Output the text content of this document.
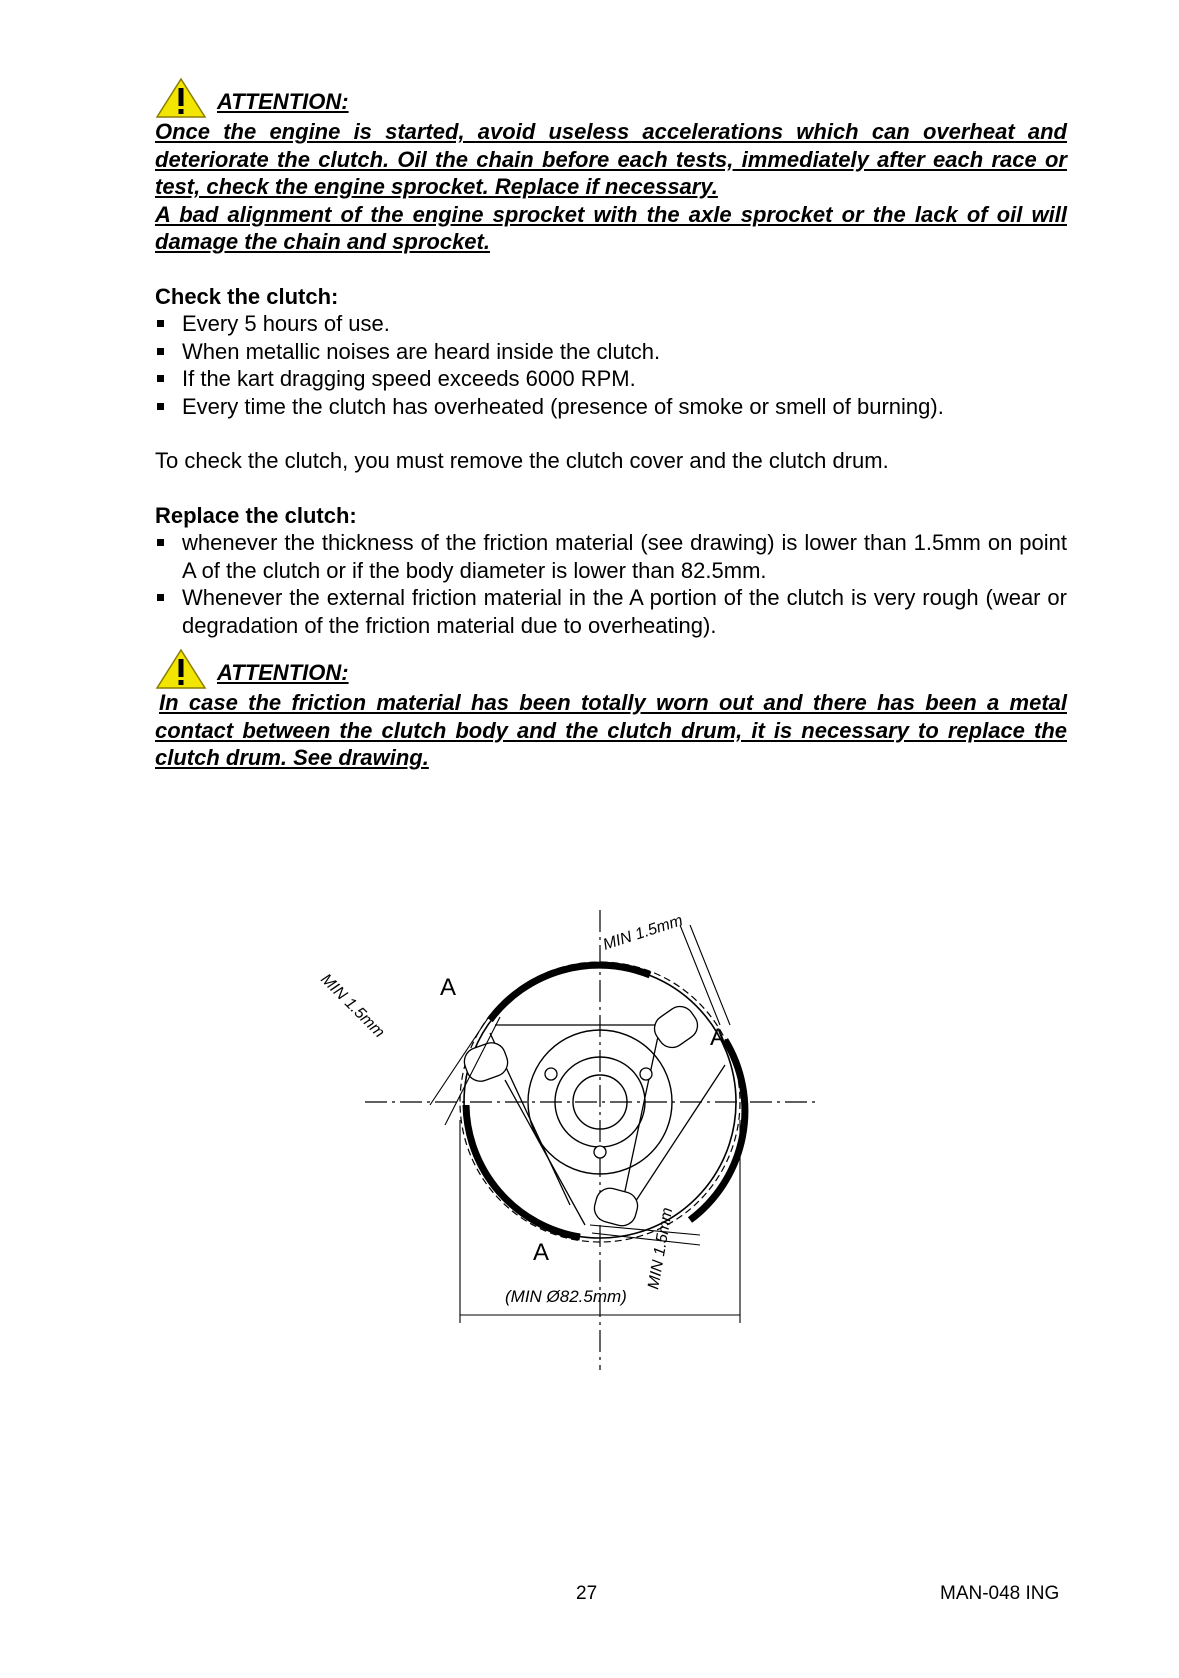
ATTENTION:
Once the engine is started, avoid useless accelerations which can overheat and deteriorate the clutch. Oil the chain before each tests, immediately after each race or test, check the engine sprocket. Replace if necessary.
A bad alignment of the engine sprocket with the axle sprocket or the lack of oil will damage the chain and sprocket.
Check the clutch:
Every 5 hours of use.
When metallic noises are heard inside the clutch.
If the kart dragging speed exceeds 6000 RPM.
Every time the clutch has overheated (presence of smoke or smell of burning).
To check the clutch, you must remove the clutch cover and the clutch drum.
Replace the clutch:
whenever the thickness of the friction material (see drawing) is lower than 1.5mm on point A of the clutch or if the body diameter is lower than 82.5mm.
Whenever the external friction material in the A portion of the clutch is very rough (wear or degradation of the friction material due to overheating).
ATTENTION:
In case the friction material has been totally worn out and there has been a metal contact between the clutch body and the clutch drum, it is necessary to replace the clutch drum. See drawing.
A
A
A
MIN 1.5mm
MIN 1.5mm
MIN 1.5mm
(MIN Ø82.5mm)
27	MAN-048 ING
